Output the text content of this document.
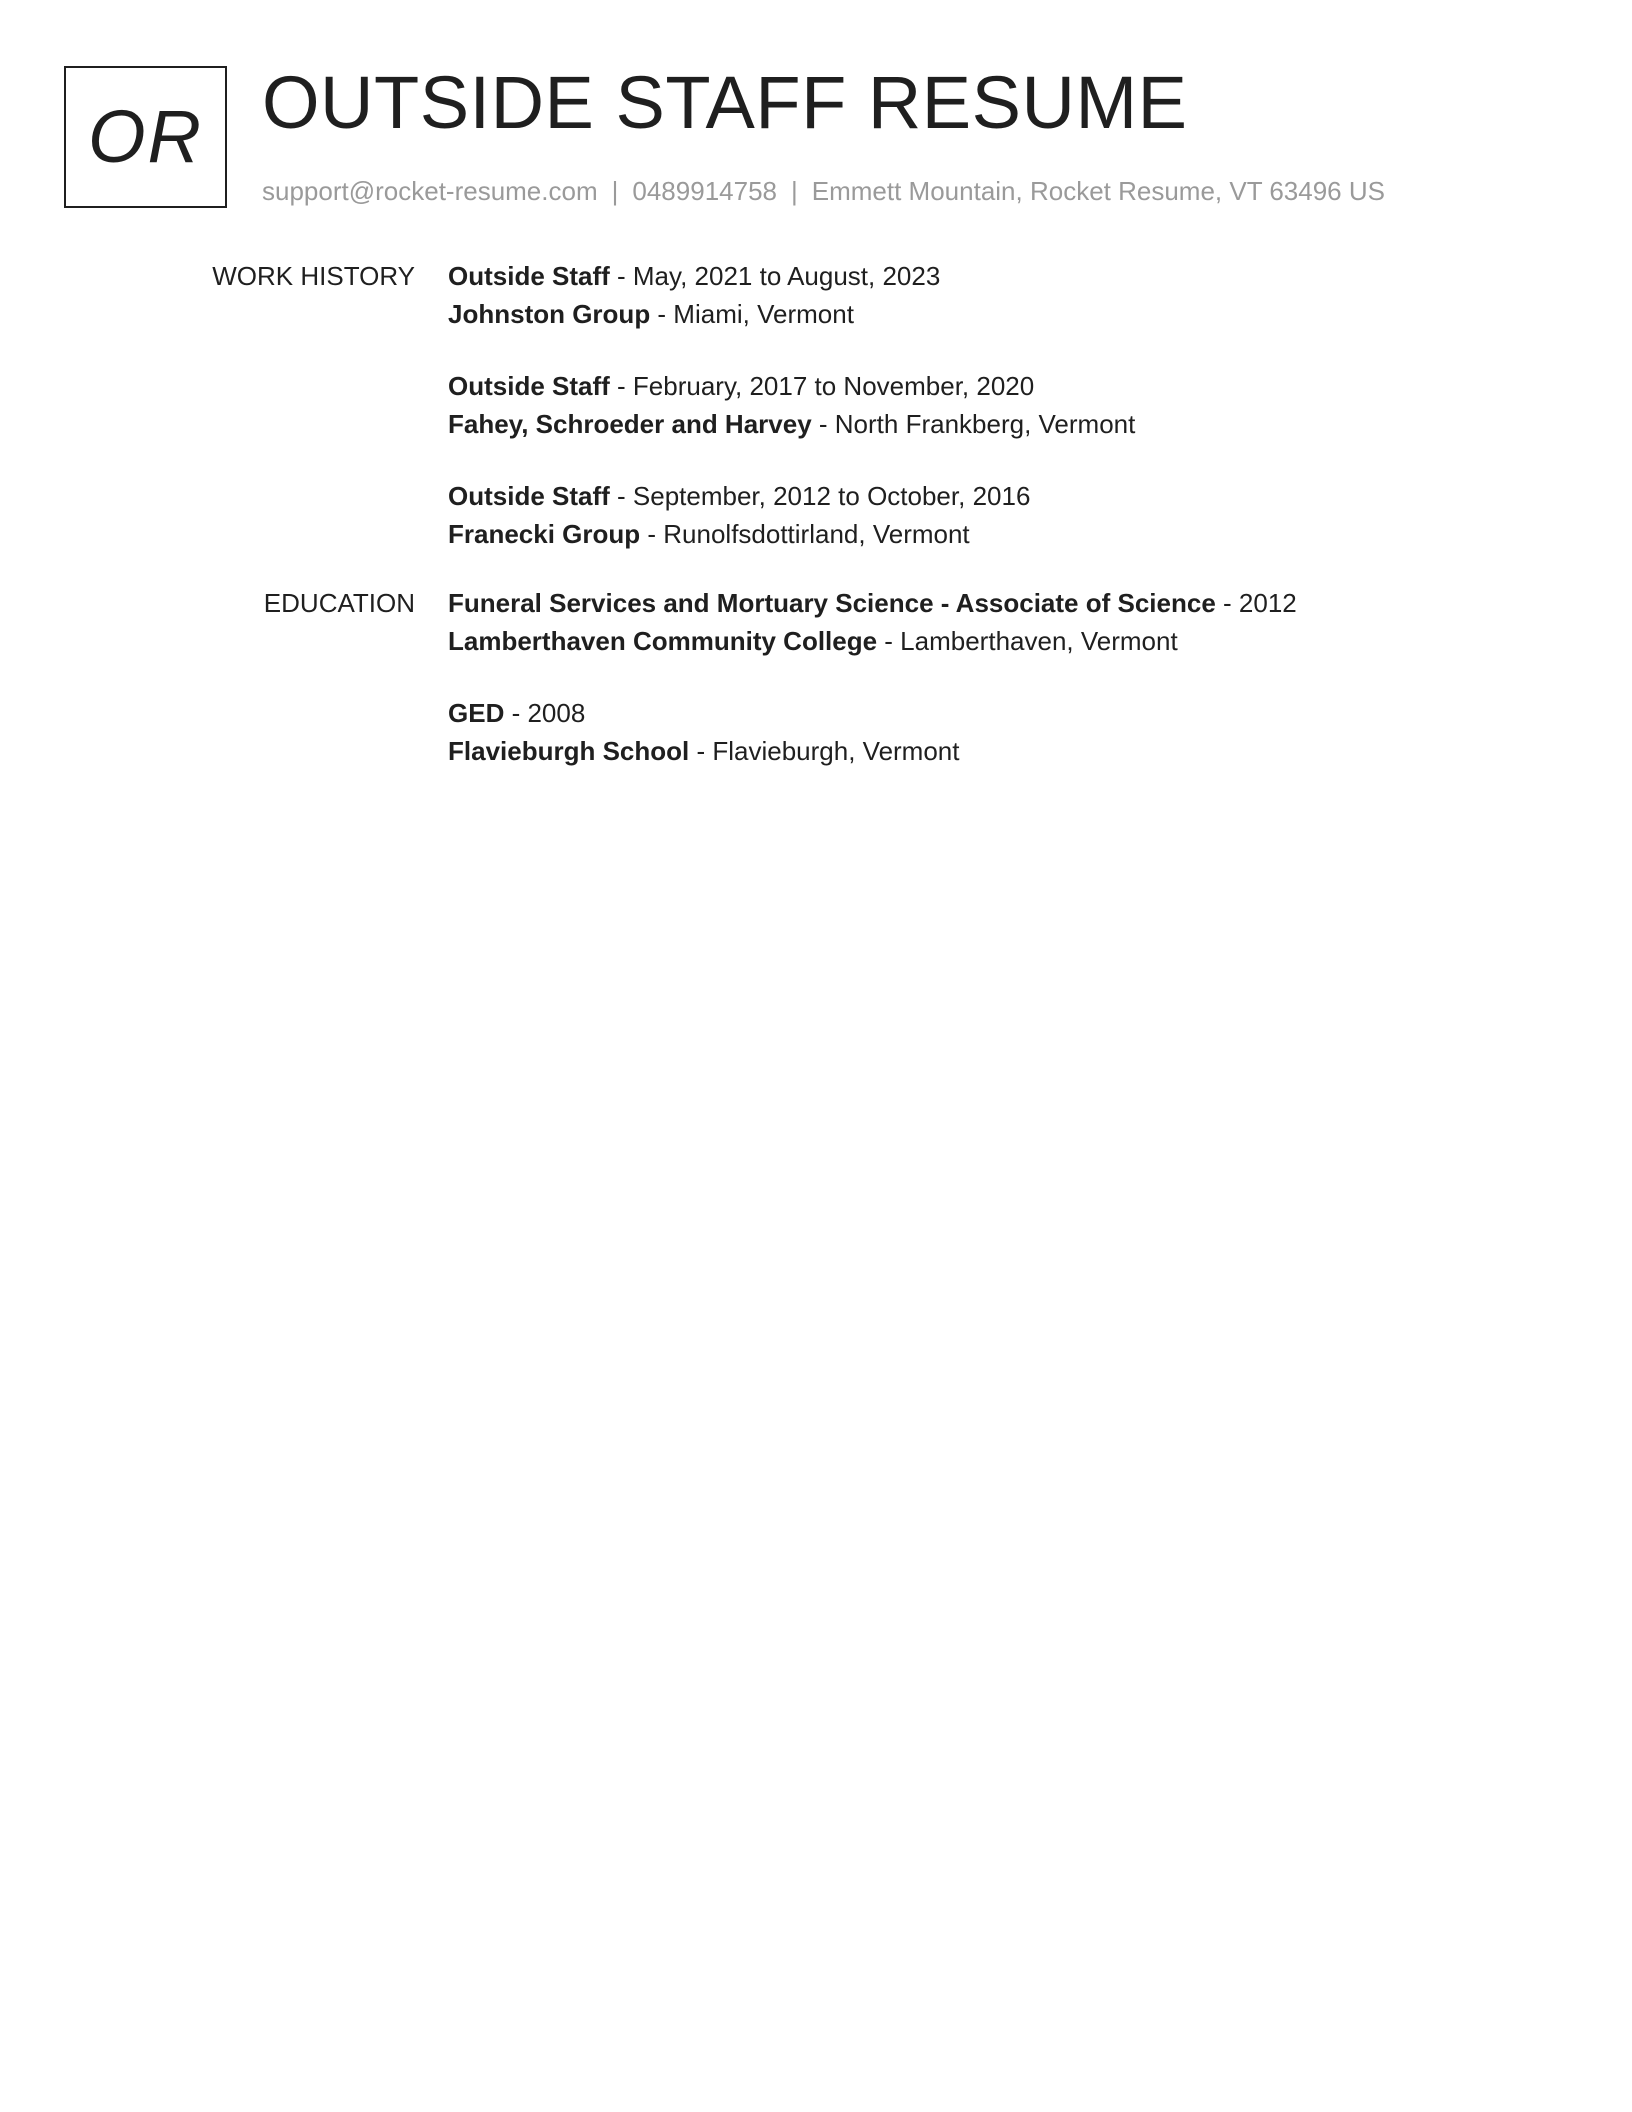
OR OUTSIDE STAFF RESUME
support@rocket-resume.com | 0489914758 | Emmett Mountain, Rocket Resume, VT 63496 US
WORK HISTORY Outside Staff - May, 2021 to August, 2023
Johnston Group - Miami, Vermont
Outside Staff - February, 2017 to November, 2020
Fahey, Schroeder and Harvey - North Frankberg, Vermont
Outside Staff - September, 2012 to October, 2016
Franecki Group - Runolfsdottirland, Vermont
EDUCATION Funeral Services and Mortuary Science - Associate of Science - 2012
Lamberthaven Community College - Lamberthaven, Vermont
GED - 2008
Flavieburgh School - Flavieburgh, Vermont
